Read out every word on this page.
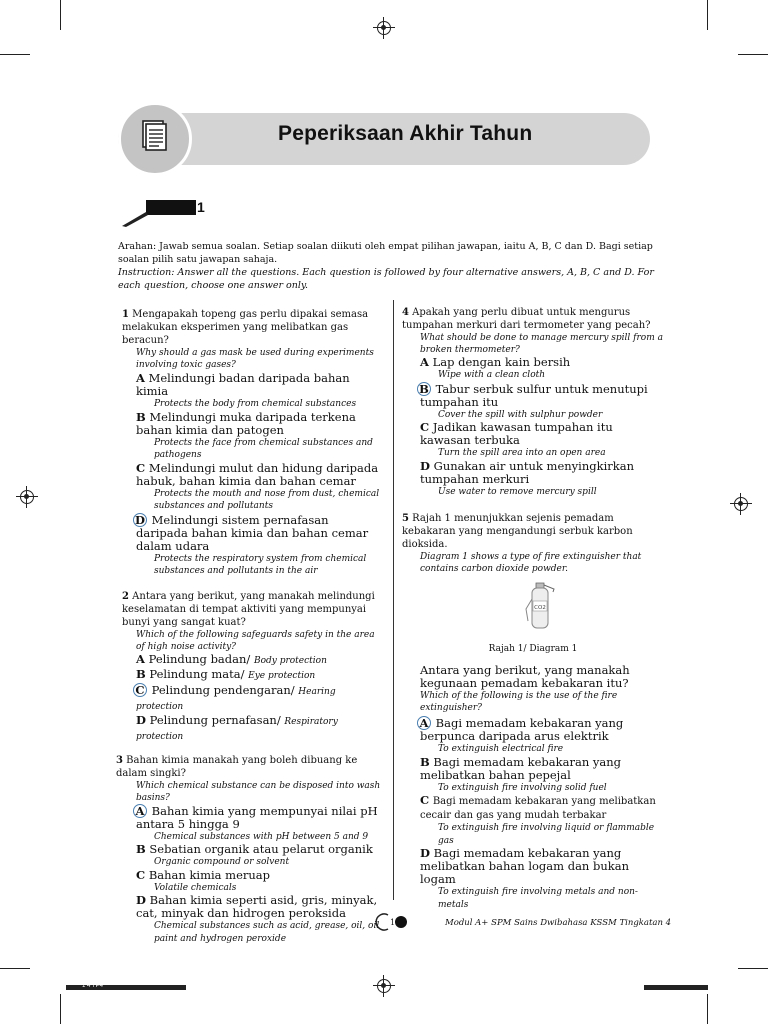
1 4 TP4
Peperiksaan Akhir Tahun
1
Arahan: Jawab semua soalan. Setiap soalan diikuti oleh empat pilihan jawapan, iaitu A, B, C dan D. Bagi setiap soalan pilih satu jawapan sahaja.
Instruction: Answer all the questions. Each question is followed by four alternative answers, A, B, C and D. For each question, choose one answer only.

1 Mengapakah topeng gas perlu dipakai semasa melakukan eksperimen yang melibatkan gas beracun?

Why should a gas mask be used during experiments involving toxic gases?
A Melindungi badan daripada bahan kimia
Protects the body from chemical substances
B Melindungi muka daripada terkena bahan kimia dan patogen
Protects the face from chemical substances and pathogens
C Melindungi mulut dan hidung daripada habuk, bahan kimia dan bahan cemar
Protects the mouth and nose from dust, chemical substances and pollutants
D Melindungi sistem pernafasan daripada bahan kimia dan bahan cemar dalam udara
Protects the respiratory system from chemical substances and pollutants in the air

2 Antara yang berikut, yang manakah melindungi keselamatan di tempat aktiviti yang mempunyai bunyi yang sangat kuat?

Which of the following safeguards safety in the area of high noise activity?
A Pelindung badan/ Body protection
B Pelindung mata/ Eye protection
C Pelindung pendengaran/ Hearing protection
D Pelindung pernafasan/ Respiratory protection

3 Bahan kimia manakah yang boleh dibuang ke dalam singki?

Which chemical substance can be disposed into wash basins?
A Bahan kimia yang mempunyai nilai pH antara 5 hingga 9
Chemical substances with pH between 5 and 9
B Sebatian organik atau pelarut organik
Organic compound or solvent
C Bahan kimia meruap
Volatile chemicals
D Bahan kimia seperti asid, gris, minyak, cat, minyak dan hidrogen peroksida
Chemical substances such as acid, grease, oil, oil paint and hydrogen peroxide

4 Apakah yang perlu dibuat untuk mengurus tumpahan merkuri dari termometer yang pecah?

What should be done to manage mercury spill from a broken thermometer?
A Lap dengan kain bersih
Wipe with a clean cloth
B Tabur serbuk sulfur untuk menutupi tumpahan itu
Cover the spill with sulphur powder
C Jadikan kawasan tumpahan itu kawasan terbuka
Turn the spill area into an open area
D Gunakan air untuk menyingkirkan tumpahan merkuri
Use water to remove mercury spill

5 Rajah 1 menunjukkan sejenis pemadam kebakaran yang mengandungi serbuk karbon dioksida.

Diagram 1 shows a type of fire extinguisher that contains carbon dioxide powder.
CO2
Rajah 1/ Diagram 1
Antara yang berikut, yang manakah kegunaan pemadam kebakaran itu?
Which of the following is the use of the fire extinguisher?
A Bagi memadam kebakaran yang berpunca daripada arus elektrik
To extinguish electrical fire
B Bagi memadam kebakaran yang melibatkan bahan pepejal
To extinguish fire involving solid fuel
C Bagi memadam kebakaran yang melibatkan cecair dan gas yang mudah terbakar
To extinguish fire involving liquid or flammable gas
D Bagi memadam kebakaran yang melibatkan bahan logam dan bukan logam
To extinguish fire involving metals and non-metals
1	Modul A+ SPM Sains Dwibahasa KSSM Tingkatan 4
